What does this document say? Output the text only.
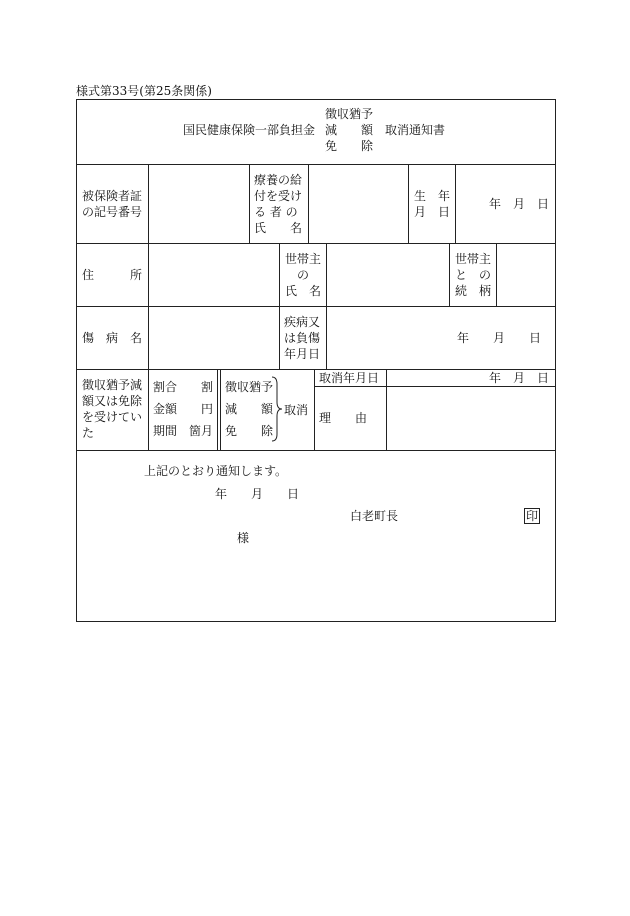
様式第33号(第25条関係)
国民健康保険一部負担金
徴収猶予
減　　額
免　　除
取消通知書
被保険者証
の記号番号
療養の給
付を受け
る 者 の
氏　　名
生　年
月　日
年　月　日
住　　　所
世帯主
の
氏　名
世帯主
と　の
続　柄
傷　病　名
疾病又
は負傷
年月日
年　　月　　日
徴収猶予減
額又は免除
を受けてい
た
割合 割
金額 円
期間 箇月
徴収猶予
減　　額
免　　除
取消
取消年月日	年　月　日
理　　由
上記のとおり通知します。
年　　月　　日
白老町長	印
様
